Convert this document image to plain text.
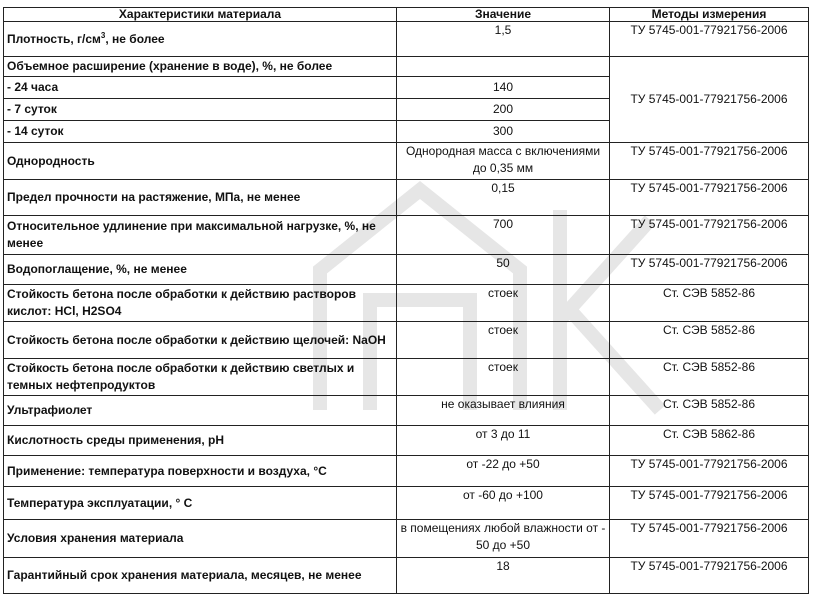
Характеристики материала	Значение	Методы измерения
Плотность, $г/см^3$, не более	1,5	ТУ 5745-001-77921756-2006
Объемное расширение (хранение в воде), %, не более		ТУ 5745-001-77921756-2006
- 24 часа	140	
- 7 суток	200	
- 14 суток	300	
Однородность	Однородная масса с включениями до 0,35 мм	ТУ 5745-001-77921756-2006
Предел прочности на растяжение, МПа, не менее	0,15	ТУ 5745-001-77921756-2006
Относительное удлинение при максимальной нагрузке, %, не менее	700	ТУ 5745-001-77921756-2006
Водопоглащение, %, не менее	50	ТУ 5745-001-77921756-2006
Стойкость бетона после обработки к действию растворов кислот: HCl, H2SO4	стоек	Ст. СЭВ 5852-86
Стойкость бетона после обработки к действию щелочей: NaOH	стоек	Ст. СЭВ 5852-86
Стойкость бетона после обработки к действию светлых и темных нефтепродуктов	стоек	Ст. СЭВ 5852-86
Ультрафиолет	не оказывает влияния	Ст. СЭВ 5852-86
Кислотность среды применения, pH	от 3 до 11	Ст. СЭВ 5862-86
Применение: температура поверхности и воздуха, °С	от -22 до +50	ТУ 5745-001-77921756-2006
Температура эксплуатации, ° С	от -60 до +100	ТУ 5745-001-77921756-2006
Условия хранения материала	в помещениях любой влажности от - 50 до +50	ТУ 5745-001-77921756-2006
Гарантийный срок хранения материала, месяцев, не менее	18	ТУ 5745-001-77921756-2006
